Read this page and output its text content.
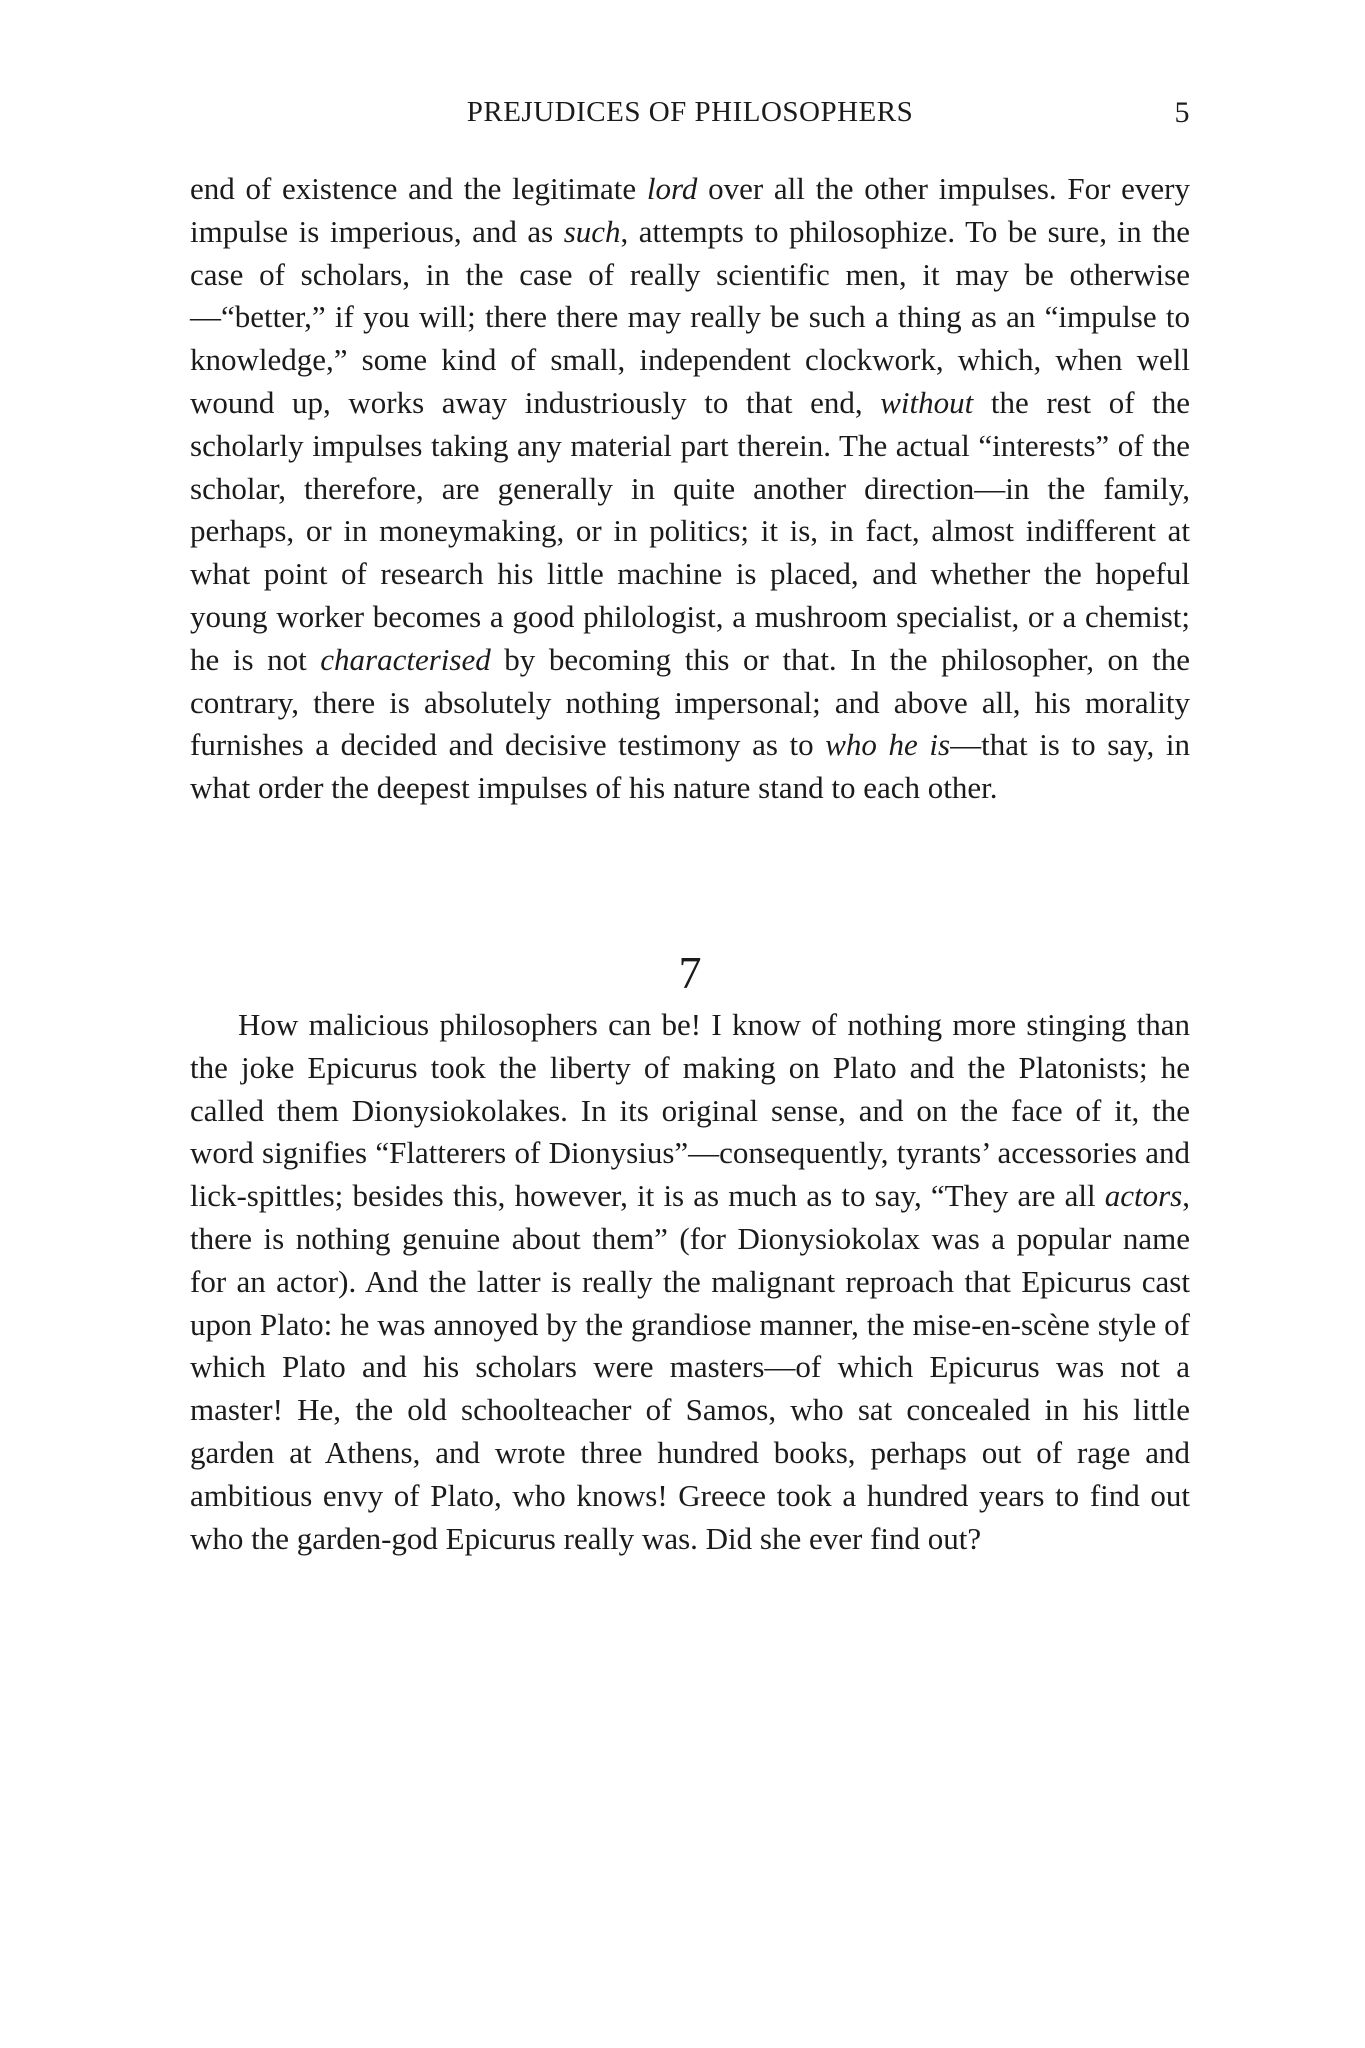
PREJUDICES OF PHILOSOPHERS	5

end of existence and the legitimate lord over all the other impulses. For every impulse is imperious, and as such, attempts to philosophize. To be sure, in the case of scholars, in the case of really scientific men, it may be otherwise—“better,” if you will; there there may really be such a thing as an “impulse to knowledge,” some kind of small, independent clockwork, which, when well wound up, works away industriously to that end, without the rest of the scholarly impulses taking any material part therein. The actual “interests” of the scholar, therefore, are generally in quite another direction—in the family, perhaps, or in moneymaking, or in politics; it is, in fact, almost indifferent at what point of research his little machine is placed, and whether the hopeful young worker becomes a good philologist, a mushroom specialist, or a chemist; he is not characterised by becoming this or that. In the philosopher, on the contrary, there is absolutely nothing impersonal; and above all, his morality furnishes a decided and decisive testimony as to who he is—that is to say, in what order the deepest impulses of his nature stand to each other.

7

How malicious philosophers can be! I know of nothing more stinging than the joke Epicurus took the liberty of making on Plato and the Platonists; he called them Dionysiokolakes. In its original sense, and on the face of it, the word signifies “Flatterers of Dionysius”—consequently, tyrants’ accessories and lick-spittles; besides this, however, it is as much as to say, “They are all actors, there is nothing genuine about them” (for Dionysiokolax was a popular name for an actor). And the latter is really the malignant reproach that Epicurus cast upon Plato: he was annoyed by the grandiose manner, the mise-en-scène style of which Plato and his scholars were masters—of which Epicurus was not a master! He, the old schoolteacher of Samos, who sat concealed in his little garden at Athens, and wrote three hundred books, perhaps out of rage and ambitious envy of Plato, who knows! Greece took a hundred years to find out who the garden-god Epicurus really was. Did she ever find out?
